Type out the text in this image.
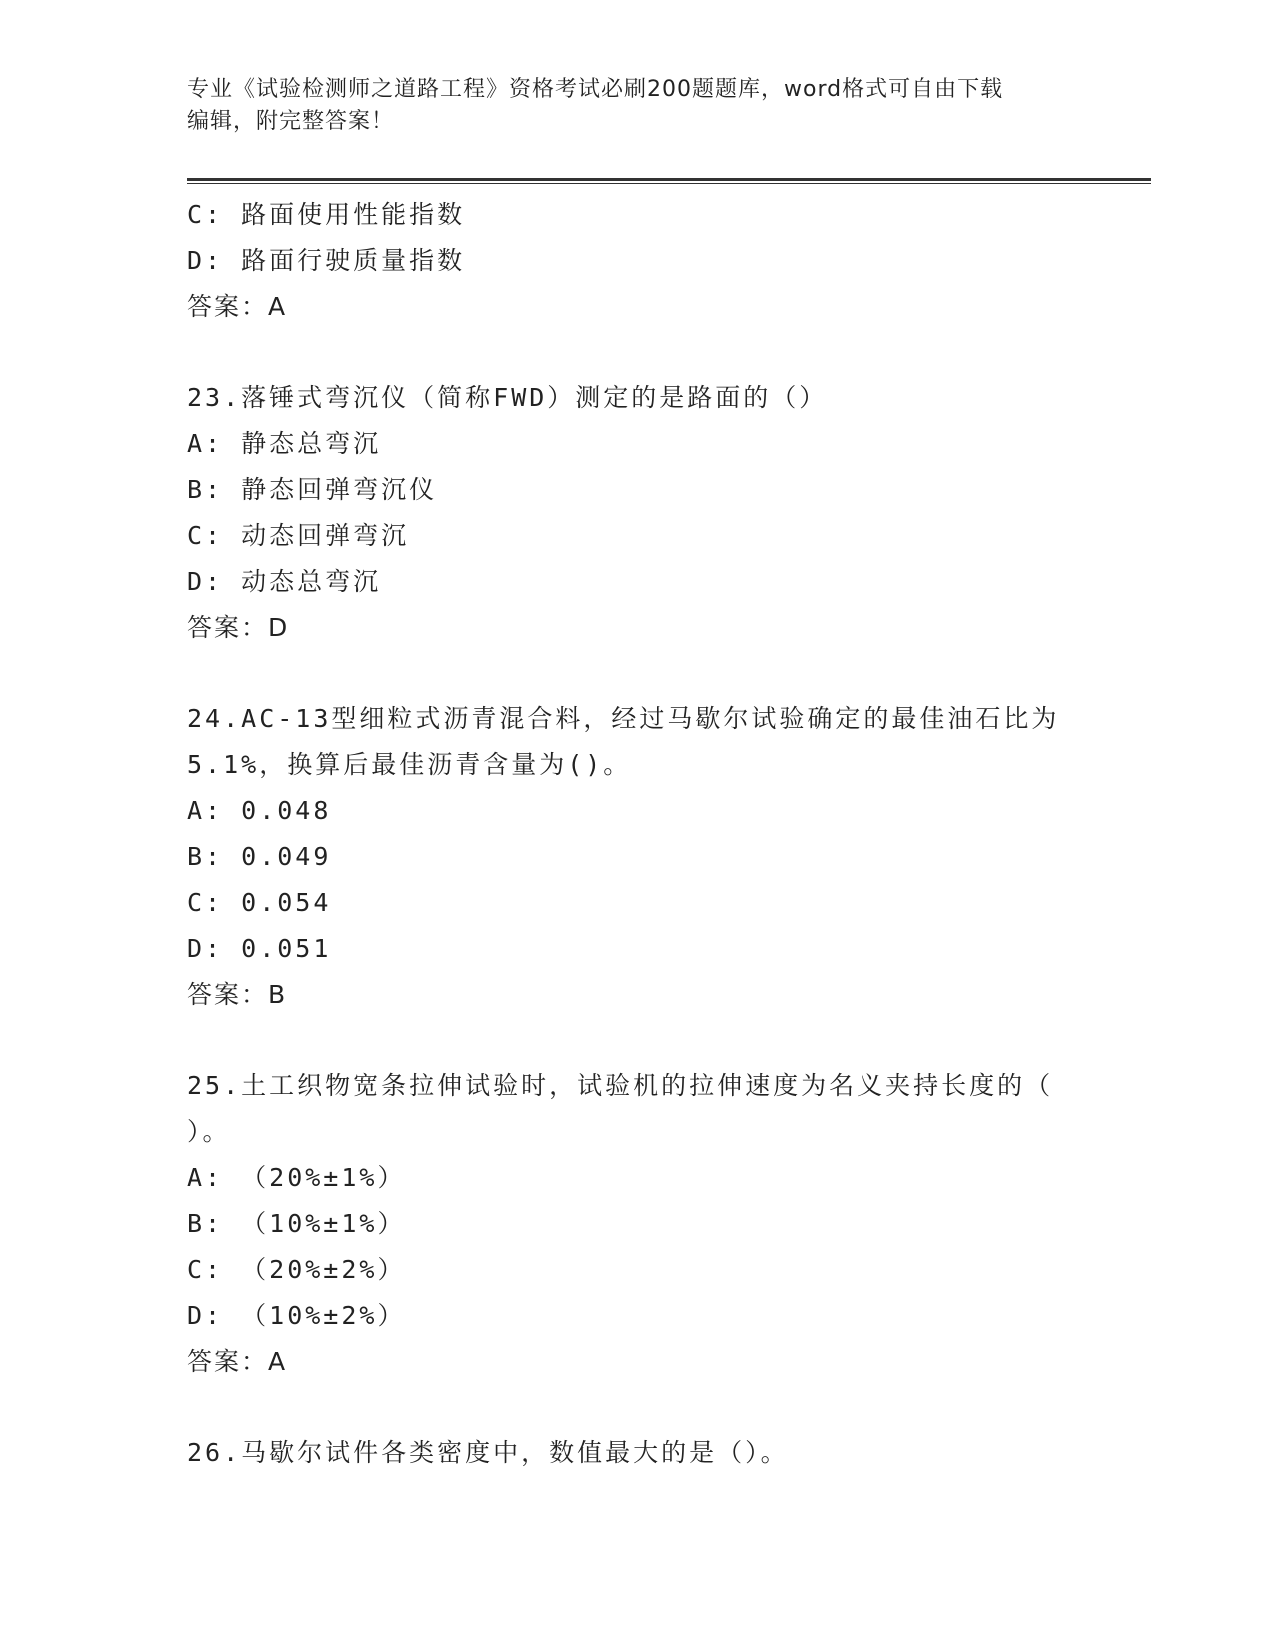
专业《试验检测师之道路工程》资格考试必刷200题题库，word格式可自由下载
编辑，附完整答案！
C: 路面使用性能指数
D: 路面行驶质量指数
答案：A
23.落锤式弯沉仪（简称FWD）测定的是路面的（）
A: 静态总弯沉
B: 静态回弹弯沉仪
C: 动态回弹弯沉
D: 动态总弯沉
答案：D
24.AC-13型细粒式沥青混合料，经过马歇尔试验确定的最佳油石比为
5.1%，换算后最佳沥青含量为()。
A: 0.048
B: 0.049
C: 0.054
D: 0.051
答案：B
25.土工织物宽条拉伸试验时，试验机的拉伸速度为名义夹持长度的（
）。
A: （20%±1%）
B: （10%±1%）
C: （20%±2%）
D: （10%±2%）
答案：A
26.马歇尔试件各类密度中，数值最大的是（）。
